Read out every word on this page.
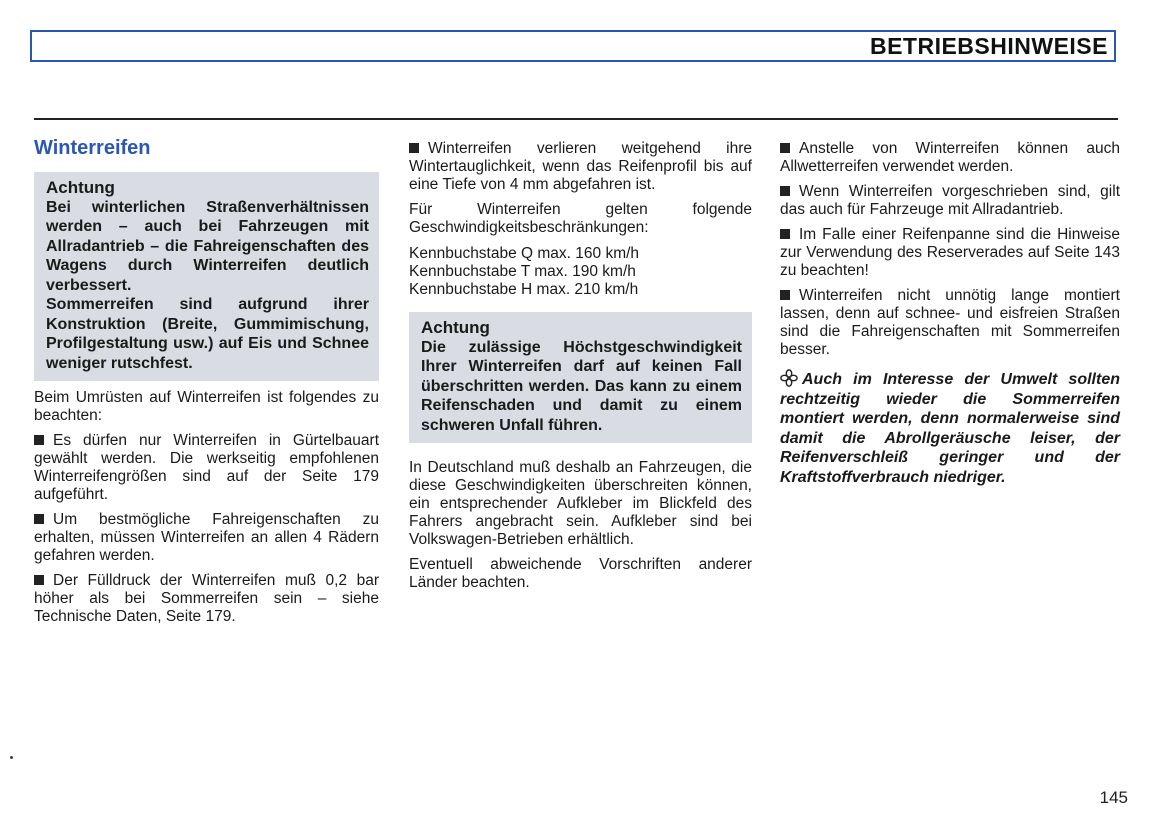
BETRIEBSHINWEISE
Winterreifen

Achtung

Bei winterlichen Straßenverhältnissen werden – auch bei Fahrzeugen mit Allradantrieb – die Fahreigenschaften des Wagens durch Winterreifen deutlich verbessert.

Sommerreifen sind aufgrund ihrer Konstruktion (Breite, Gummimischung, Profilgestaltung usw.) auf Eis und Schnee weniger rutschfest.

Beim Umrüsten auf Winterreifen ist folgendes zu beachten:

Es dürfen nur Winterreifen in Gürtelbauart gewählt werden. Die werkseitig empfohlenen Winterreifengrößen sind auf der Seite 179 aufgeführt.

Um bestmögliche Fahreigenschaften zu erhalten, müssen Winterreifen an allen 4 Rädern gefahren werden.

Der Fülldruck der Winterreifen muß 0,2 bar höher als bei Sommerreifen sein – siehe Technische Daten, Seite 179.

Winterreifen verlieren weitgehend ihre Wintertauglichkeit, wenn das Reifenprofil bis auf eine Tiefe von 4 mm abgefahren ist.

Für Winterreifen gelten folgende Geschwindigkeitsbeschränkungen:

Kennbuchstabe Q max. 160 km/h
Kennbuchstabe T max. 190 km/h
Kennbuchstabe H max. 210 km/h

Achtung

Die zulässige Höchstgeschwindigkeit Ihrer Winterreifen darf auf keinen Fall überschritten werden. Das kann zu einem Reifenschaden und damit zu einem schweren Unfall führen.

In Deutschland muß deshalb an Fahrzeugen, die diese Geschwindigkeiten überschreiten können, ein entsprechender Aufkleber im Blickfeld des Fahrers angebracht sein. Aufkleber sind bei Volkswagen-Betrieben erhältlich.

Eventuell abweichende Vorschriften anderer Länder beachten.

Anstelle von Winterreifen können auch Allwetterreifen verwendet werden.

Wenn Winterreifen vorgeschrieben sind, gilt das auch für Fahrzeuge mit Allradantrieb.

Im Falle einer Reifenpanne sind die Hinweise zur Verwendung des Reserverades auf Seite 143 zu beachten!

Winterreifen nicht unnötig lange montiert lassen, denn auf schnee- und eisfreien Straßen sind die Fahreigenschaften mit Sommerreifen besser.

Auch im Interesse der Umwelt sollten rechtzeitig wieder die Sommerreifen montiert werden, denn normalerweise sind damit die Abrollgeräusche leiser, der Reifenverschleiß geringer und der Kraftstoffverbrauch niedriger.

145
